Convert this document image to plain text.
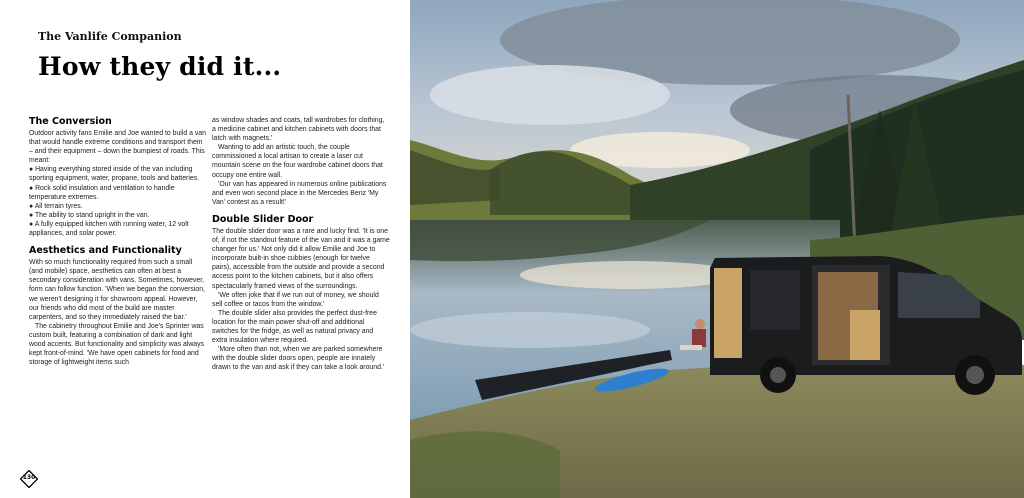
The Vanlife Companion
How they did it...
The Conversion

Outdoor activity fans Emilie and Joe wanted to build a van that would handle extreme conditions and transport them – and their equipment – down the bumpiest of roads. This meant:

● Having everything stored inside of the van including sporting equipment, water, propane, tools and batteries.

● Rock solid insulation and ventilation to handle temperature extremes.

● All terrain tyres.

● The ability to stand upright in the van.

● A fully equipped kitchen with running water, 12 volt appliances, and solar power.

Aesthetics and Functionality

With so much functionality required from such a small (and mobile) space, aesthetics can often at best a secondary consideration with vans. Sometimes, however, form can follow function. 'When we began the conversion, we weren't designing it for showroom appeal. However, our friends who did most of the build are master carpenters, and so they immediately raised the bar.'

The cabinetry throughout Emilie and Joe's Sprinter was custom built, featuring a combination of dark and light wood accents. But functionality and simplicity was always kept front-of-mind. 'We have open cabinets for food and storage of lightweight items such

as window shades and coats, tall wardrobes for clothing, a medicine cabinet and kitchen cabinets with doors that latch with magnets.'

Wanting to add an artistic touch, the couple commissioned a local artisan to create a laser cut mountain scene on the four wardrobe cabinet doors that occupy one entire wall.

'Our van has appeared in numerous online publications and even won second place in the Mercedes Benz 'My Van' contest as a result!'

Double Slider Door

The double slider door was a rare and lucky find. 'It is one of, if not the standout feature of the van and it was a game changer for us.' Not only did it allow Emilie and Joe to incorporate built-in shoe cubbies (enough for twelve pairs), accessible from the outside and provide a second access point to the kitchen cabinets, but it also offers spectacularly framed views of the surroundings.

'We often joke that if we run out of money, we should sell coffee or tacos from the window.'

The double slider also provides the perfect dust-free location for the main power shut-off and additional switches for the fridge, as well as natural privacy and extra insulation where required.

'More often than not, when we are parked somewhere with the double slider doors open, people are innately drawn to the van and ask if they can take a look around.'

130
